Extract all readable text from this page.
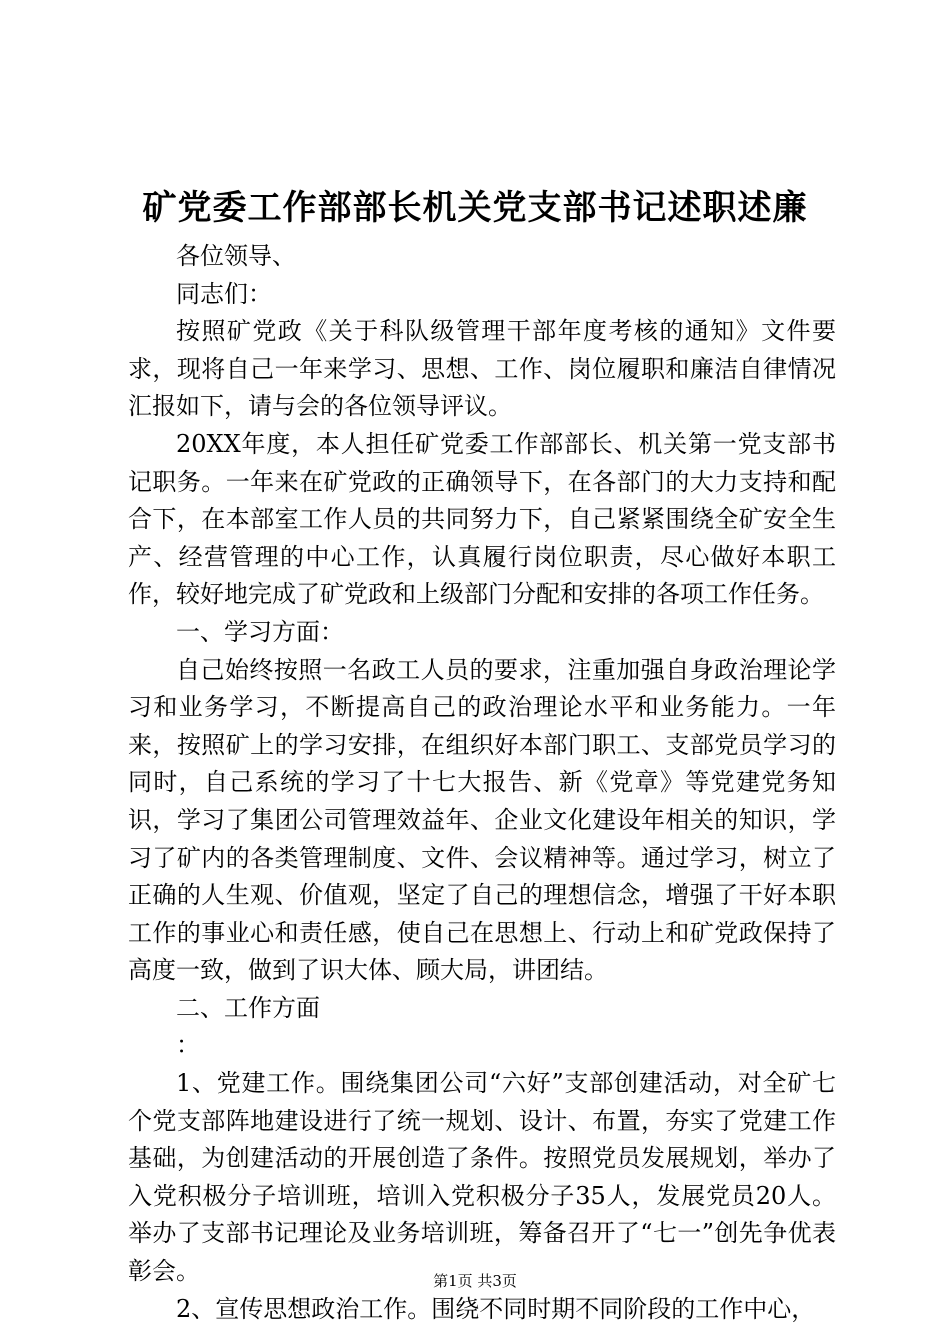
矿党委工作部部长机关党支部书记述职述廉

各位领导、

同志们：

按照矿党政《关于科队级管理干部年度考核的通知》文件要求，现将自己一年来学习、思想、工作、岗位履职和廉洁自律情况汇报如下，请与会的各位领导评议。

20XX年度，本人担任矿党委工作部部长、机关第一党支部书记职务。一年来在矿党政的正确领导下，在各部门的大力支持和配合下，在本部室工作人员的共同努力下，自己紧紧围绕全矿安全生产、经营管理的中心工作，认真履行岗位职责，尽心做好本职工作，较好地完成了矿党政和上级部门分配和安排的各项工作任务。

一、学习方面：

自己始终按照一名政工人员的要求，注重加强自身政治理论学习和业务学习，不断提高自己的政治理论水平和业务能力。一年来，按照矿上的学习安排，在组织好本部门职工、支部党员学习的同时，自己系统的学习了十七大报告、新《党章》等党建党务知识，学习了集团公司管理效益年、企业文化建设年相关的知识，学习了矿内的各类管理制度、文件、会议精神等。通过学习，树立了正确的人生观、价值观，坚定了自己的理想信念，增强了干好本职工作的事业心和责任感，使自己在思想上、行动上和矿党政保持了高度一致，做到了识大体、顾大局，讲团结。

二、工作方面

：

1、党建工作。围绕集团公司“六好”支部创建活动，对全矿七个党支部阵地建设进行了统一规划、设计、布置，夯实了党建工作基础，为创建活动的开展创造了条件。按照党员发展规划，举办了入党积极分子培训班，培训入党积极分子35人，发展党员20人。举办了支部书记理论及业务培训班，筹备召开了“七一”创先争优表彰会。

2、宣传思想政治工作。围绕不同时期不同阶段的工作中心，

第1页 共3页
